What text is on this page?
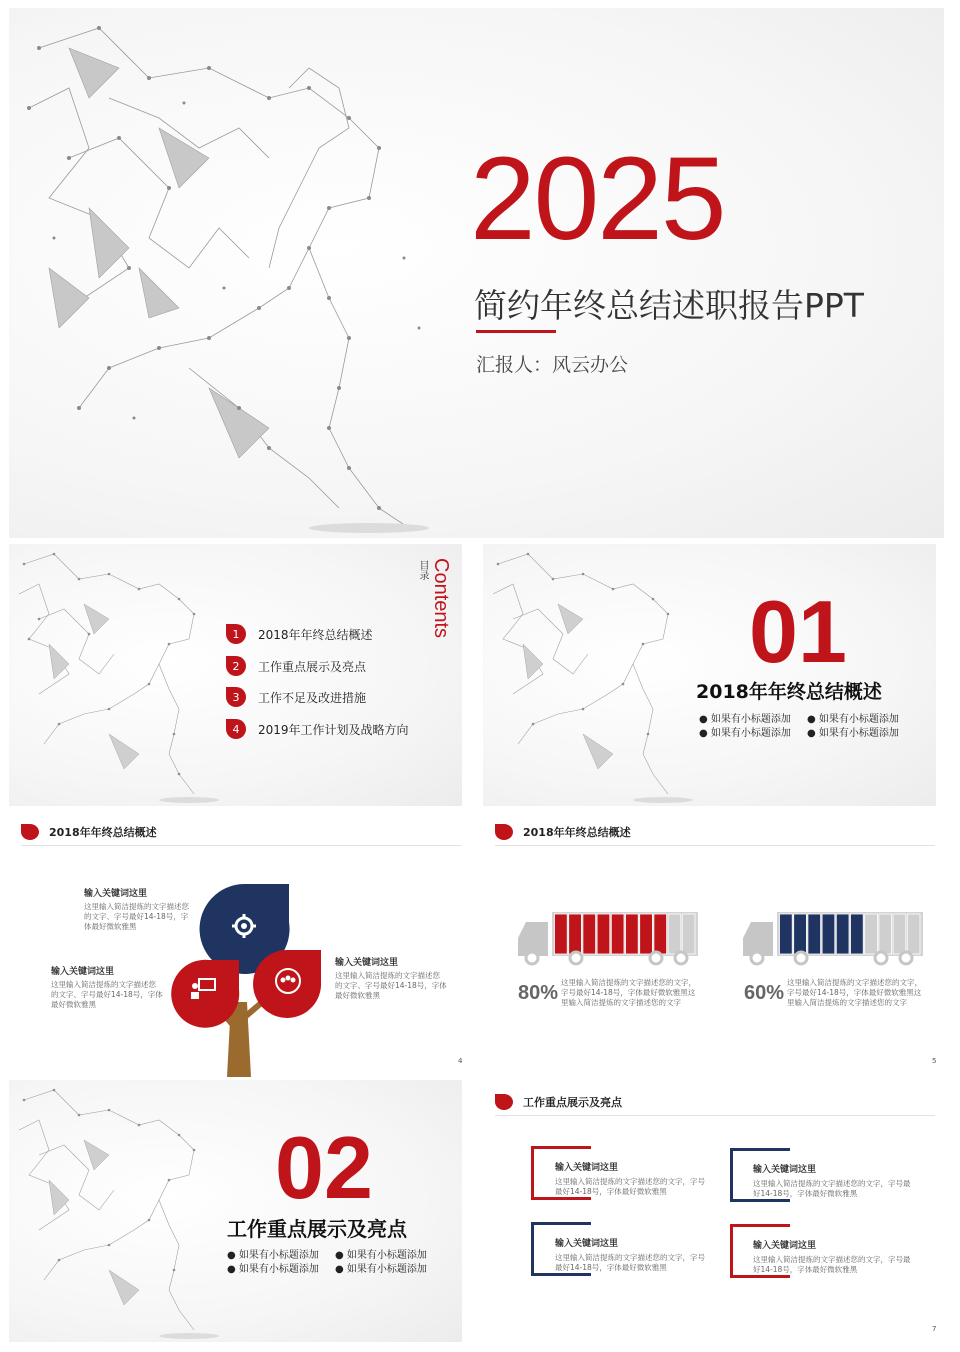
2025
简约年终总结述职报告PPT
汇报人：风云办公
Contents
目录
1	2018年年终总结概述
2	工作重点展示及亮点
3	工作不足及改进措施
4	2019年工作计划及战略方向
01
2018年年终总结概述
● 如果有小标题添加
● 如果有小标题添加
● 如果有小标题添加
● 如果有小标题添加
2018年年终总结概述
输入关键词这里
这里输入简洁提炼的文字描述您的文字、字号最好14-18号，字体最好微软雅黑
输入关键词这里
这里输入简洁提炼的文字描述您的文字、字号最好14-18号，字体最好微软雅黑
输入关键词这里
这里输入简洁提炼的文字描述您的文字、字号最好14-18号，字体最好微软雅黑
4
2018年年终总结概述
80% 这里输入简洁提炼的文字描述您的文字，字号最好14-18号，字体最好微软雅黑这里输入简洁提炼的文字描述您的文字	60% 这里输入简洁提炼的文字描述您的文字，字号最好14-18号，字体最好微软雅黑这里输入简洁提炼的文字描述您的文字
5
02
工作重点展示及亮点
● 如果有小标题添加
● 如果有小标题添加
● 如果有小标题添加
● 如果有小标题添加
工作重点展示及亮点
输入关键词这里
这里输入简洁提炼的文字描述您的文字，字号最好14-18号，字体最好微软雅黑
输入关键词这里
这里输入简洁提炼的文字描述您的文字，字号最好14-18号，字体最好微软雅黑
输入关键词这里
这里输入简洁提炼的文字描述您的文字，字号最好14-18号，字体最好微软雅黑
输入关键词这里
这里输入简洁提炼的文字描述您的文字，字号最好14-18号，字体最好微软雅黑
7
